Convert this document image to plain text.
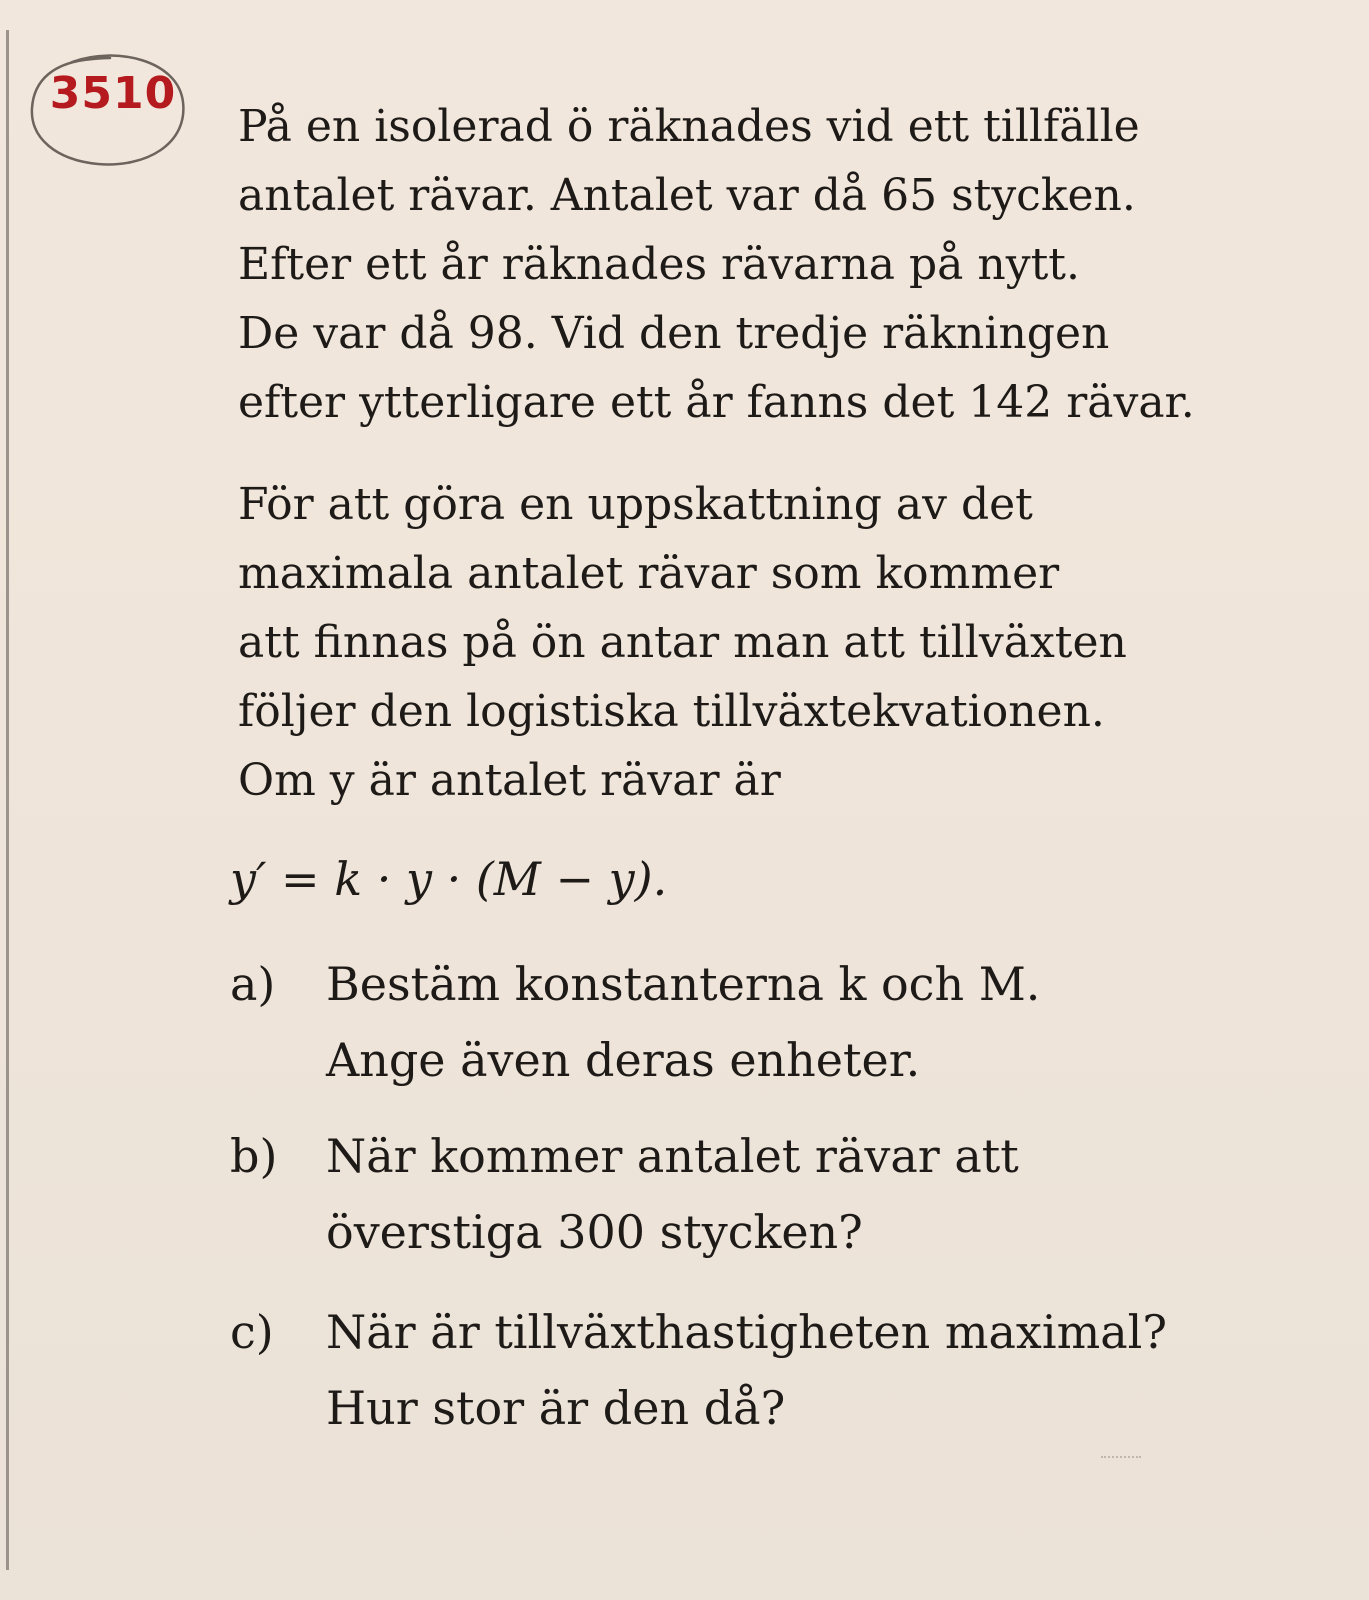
3510
På en isolerad ö räknades vid ett tillfälle
antalet rävar. Antalet var då 65 stycken.
Efter ett år räknades rävarna på nytt.
De var då 98. Vid den tredje räkningen
efter ytterligare ett år fanns det 142 rävar.
För att göra en uppskattning av det
maximala antalet rävar som kommer
att finnas på ön antar man att tillväxten
följer den logistiska tillväxtekvationen.
Om y är antalet rävar är
y′ = k · y · (M − y).
a) Bestäm konstanterna k och M.
Ange även deras enheter.
b) När kommer antalet rävar att
överstiga 300 stycken?
c) När är tillväxthastigheten maximal?
Hur stor är den då?
